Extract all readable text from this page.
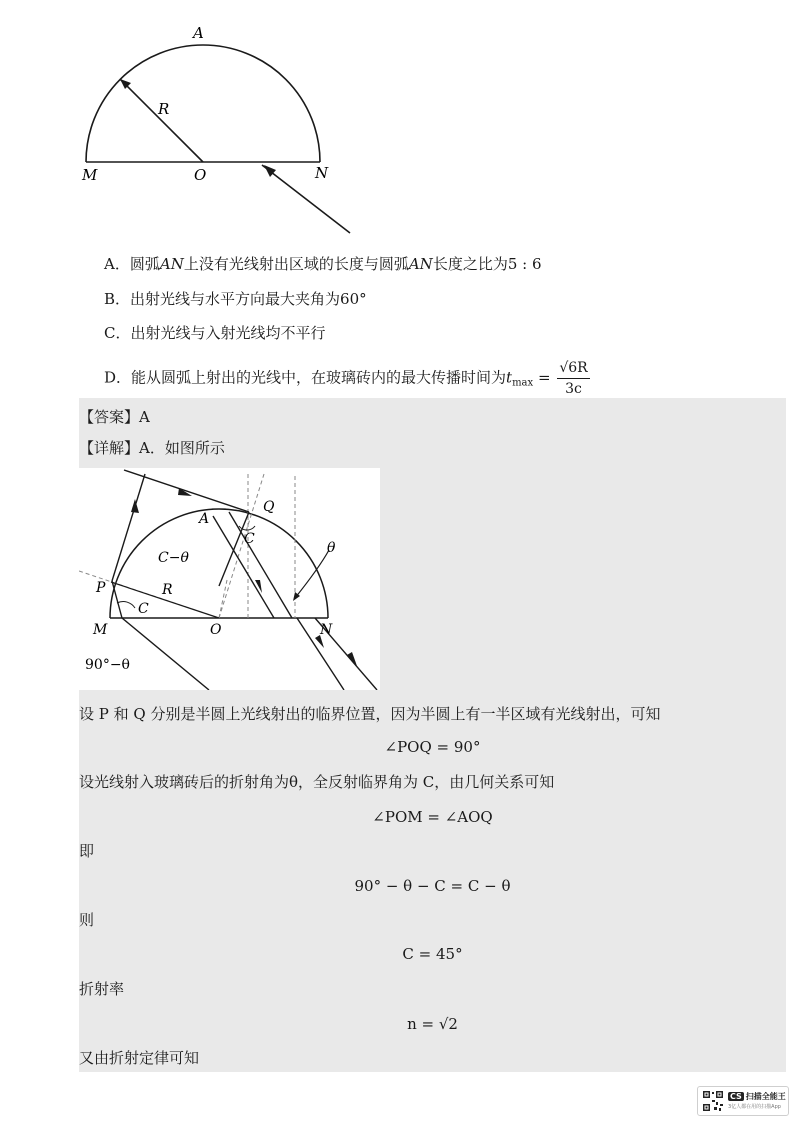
A
R
M	O	N
A．圆弧AN上没有光线射出区域的长度与圆弧AN长度之比为5 : 6
B．出射光线与水平方向最大夹角为60°
C．出射光线与入射光线均不平行
D．能从圆弧上射出的光线中，在玻璃砖内的最大传播时间为$t_{max} = \frac{√6R}{3c}$
【答案】A
【详解】A．如图所示
设 P 和 Q 分别是半圆上光线射出的临界位置，因为半圆上有一半区域有光线射出，可知
∠POQ = 90°
设光线射入玻璃砖后的折射角为θ，全反射临界角为 C，由几何关系可知
∠POM = ∠AOQ
即
90° − θ − C = C − θ
则
C = 45°
折射率
n = √2
又由折射定律可知
P
Q
A
C−θ
C
θ
R
C
M	O	N
90°−θ
CS 扫描全能王
3亿人都在用的扫描App
